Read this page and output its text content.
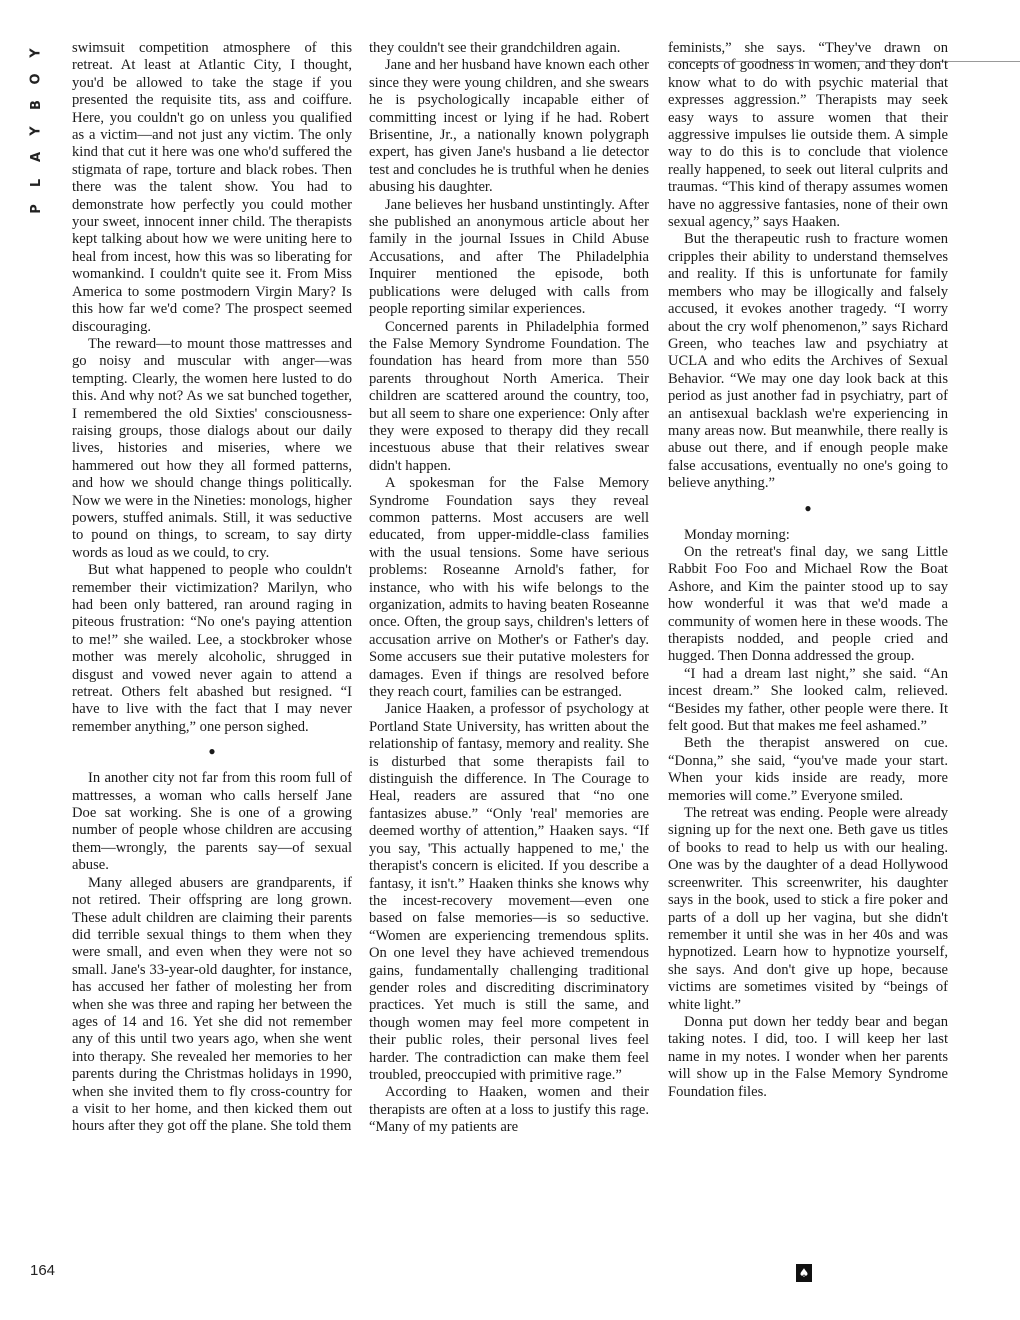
Y
O
B
Y
A
L
P

swimsuit competition atmosphere of this retreat. At least at Atlantic City, I thought, you'd be allowed to take the stage if you presented the requisite tits, ass and coiffure. Here, you couldn't go on unless you qualified as a victim—and not just any victim. The only kind that cut it here was one who'd suffered the stigmata of rape, torture and black robes. Then there was the talent show. You had to demonstrate how perfectly you could mother your sweet, innocent inner child. The therapists kept talking about how we were uniting here to heal from incest, how this was so liberating for womankind. I couldn't quite see it. From Miss America to some postmodern Virgin Mary? Is this how far we'd come? The prospect seemed discouraging.

The reward—to mount those mattresses and go noisy and muscular with anger—was tempting. Clearly, the women here lusted to do this. And why not? As we sat bunched together, I remembered the old Sixties' consciousness-raising groups, those dialogs about our daily lives, histories and miseries, where we hammered out how they all formed patterns, and how we should change things politically. Now we were in the Nineties: monologs, higher powers, stuffed animals. Still, it was seductive to pound on things, to scream, to say dirty words as loud as we could, to cry.

But what happened to people who couldn't remember their victimization? Marilyn, who had been only battered, ran around raging in piteous frustration: “No one's paying attention to me!” she wailed. Lee, a stockbroker whose mother was merely alcoholic, shrugged in disgust and vowed never again to attend a retreat. Others felt abashed but resigned. “I have to live with the fact that I may never remember anything,” one person sighed.

●

In another city not far from this room full of mattresses, a woman who calls herself Jane Doe sat working. She is one of a growing number of people whose children are accusing them—wrongly, the parents say—of sexual abuse.

Many alleged abusers are grandparents, if not retired. Their offspring are long grown. These adult children are claiming their parents did terrible sexual things to them when they were small, and even when they were not so small. Jane's 33-year-old daughter, for instance, has accused her father of molesting her from when she was three and raping her between the ages of 14 and 16. Yet she did not remember any of this until two years ago, when she went into therapy. She revealed her memories to her parents during the Christmas holidays in 1990, when she invited them to fly cross-country for a visit to her home, and then kicked them out hours after they got off the plane. She told them

they couldn't see their grandchildren again.

Jane and her husband have known each other since they were young children, and she swears he is psychologically incapable either of committing incest or lying if he had. Robert Brisentine, Jr., a nationally known polygraph expert, has given Jane's husband a lie detector test and concludes he is truthful when he denies abusing his daughter.

Jane believes her husband unstintingly. After she published an anonymous article about her family in the journal Issues in Child Abuse Accusations, and after The Philadelphia Inquirer mentioned the episode, both publications were deluged with calls from people reporting similar experiences.

Concerned parents in Philadelphia formed the False Memory Syndrome Foundation. The foundation has heard from more than 550 parents throughout North America. Their children are scattered around the country, too, but all seem to share one experience: Only after they were exposed to therapy did they recall incestuous abuse that their relatives swear didn't happen.

A spokesman for the False Memory Syndrome Foundation says they reveal common patterns. Most accusers are well educated, from upper-middle-class families with the usual tensions. Some have serious problems: Roseanne Arnold's father, for instance, who with his wife belongs to the organization, admits to having beaten Roseanne once. Often, the group says, children's letters of accusation arrive on Mother's or Father's day. Some accusers sue their putative molesters for damages. Even if things are resolved before they reach court, families can be estranged.

Janice Haaken, a professor of psychology at Portland State University, has written about the relationship of fantasy, memory and reality. She is disturbed that some therapists fail to distinguish the difference. In The Courage to Heal, readers are assured that “no one fantasizes abuse.” “Only 'real' memories are deemed worthy of attention,” Haaken says. “If you say, 'This actually happened to me,' the therapist's concern is elicited. If you describe a fantasy, it isn't.” Haaken thinks she knows why the incest-recovery movement—even one based on false memories—is so seductive. “Women are experiencing tremendous splits. On one level they have achieved tremendous gains, fundamentally challenging traditional gender roles and discrediting discriminatory practices. Yet much is still the same, and though women may feel more competent in their public roles, their personal lives feel harder. The contradiction can make them feel troubled, preoccupied with primitive rage.”

According to Haaken, women and their therapists are often at a loss to justify this rage. “Many of my patients are

feminists,” she says. “They've drawn on concepts of goodness in women, and they don't know what to do with psychic material that expresses aggression.” Therapists may seek easy ways to assure women that their aggressive impulses lie outside them. A simple way to do this is to conclude that violence really happened, to seek out literal culprits and traumas. “This kind of therapy assumes women have no aggressive fantasies, none of their own sexual agency,” says Haaken.

But the therapeutic rush to fracture women cripples their ability to understand themselves and reality. If this is unfortunate for family members who may be illogically and falsely accused, it evokes another tragedy. “I worry about the cry wolf phenomenon,” says Richard Green, who teaches law and psychiatry at UCLA and who edits the Archives of Sexual Behavior. “We may one day look back at this period as just another fad in psychiatry, part of an antisexual backlash we're experiencing in many areas now. But meanwhile, there really is abuse out there, and if enough people make false accusations, eventually no one's going to believe anything.”

●

Monday morning:

On the retreat's final day, we sang Little Rabbit Foo Foo and Michael Row the Boat Ashore, and Kim the painter stood up to say how wonderful it was that we'd made a community of women here in these woods. The therapists nodded, and people cried and hugged. Then Donna addressed the group.

“I had a dream last night,” she said. “An incest dream.” She looked calm, relieved. “Besides my father, other people were there. It felt good. But that makes me feel ashamed.”

Beth the therapist answered on cue. “Donna,” she said, “you've made your start. When your kids inside are ready, more memories will come.” Everyone smiled.

The retreat was ending. People were already signing up for the next one. Beth gave us titles of books to read to help us with our healing. One was by the daughter of a dead Hollywood screenwriter. This screenwriter, his daughter says in the book, used to stick a fire poker and parts of a doll up her vagina, but she didn't remember it until she was in her 40s and was hypnotized. Learn how to hypnotize yourself, she says. And don't give up hope, because victims are sometimes visited by “beings of white light.”

Donna put down her teddy bear and began taking notes. I did, too. I will keep her last name in my notes. I wonder when her parents will show up in the False Memory Syndrome Foundation files.

164	♠
